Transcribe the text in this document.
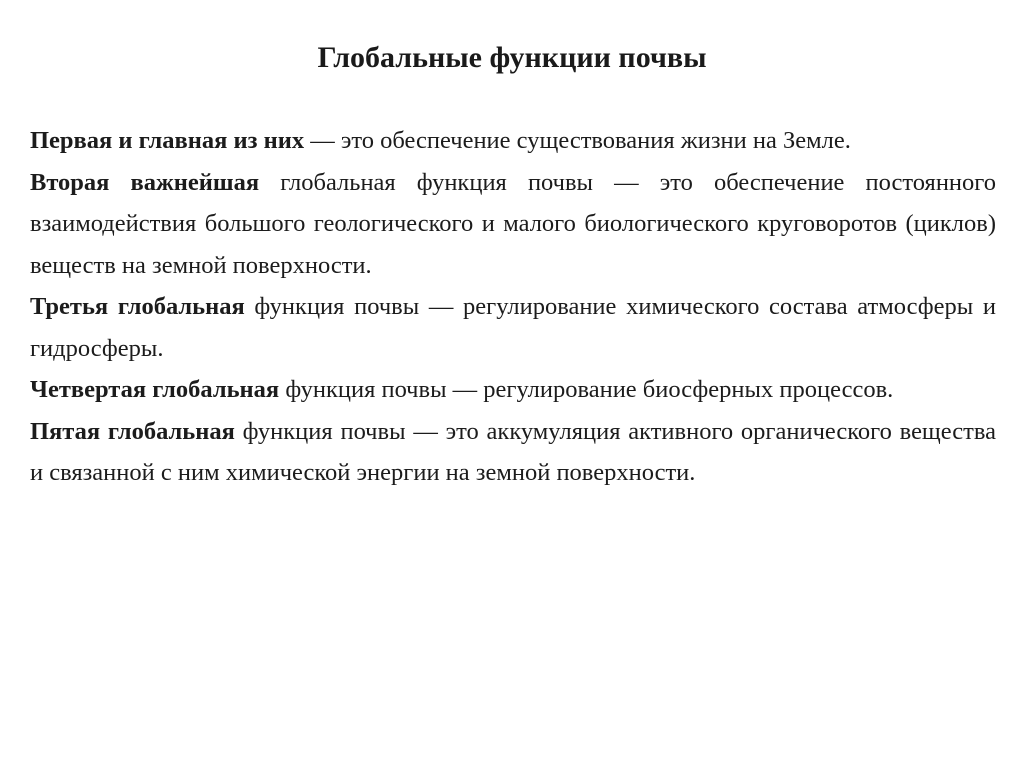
Глобальные функции почвы

Первая и главная из них — это обеспечение существования жизни на Земле.

Вторая важнейшая глобальная функция почвы — это обеспечение постоянного взаимодействия большого геологического и малого биологического круговоротов (циклов) веществ на земной поверхности.

Третья глобальная функция почвы — регулирование химического состава атмосферы и гидросферы.

Четвертая глобальная функция почвы — регулирование биосферных процессов.

Пятая глобальная функция почвы — это аккумуляция активного органического вещества и связанной с ним химической энергии на земной поверхности.
